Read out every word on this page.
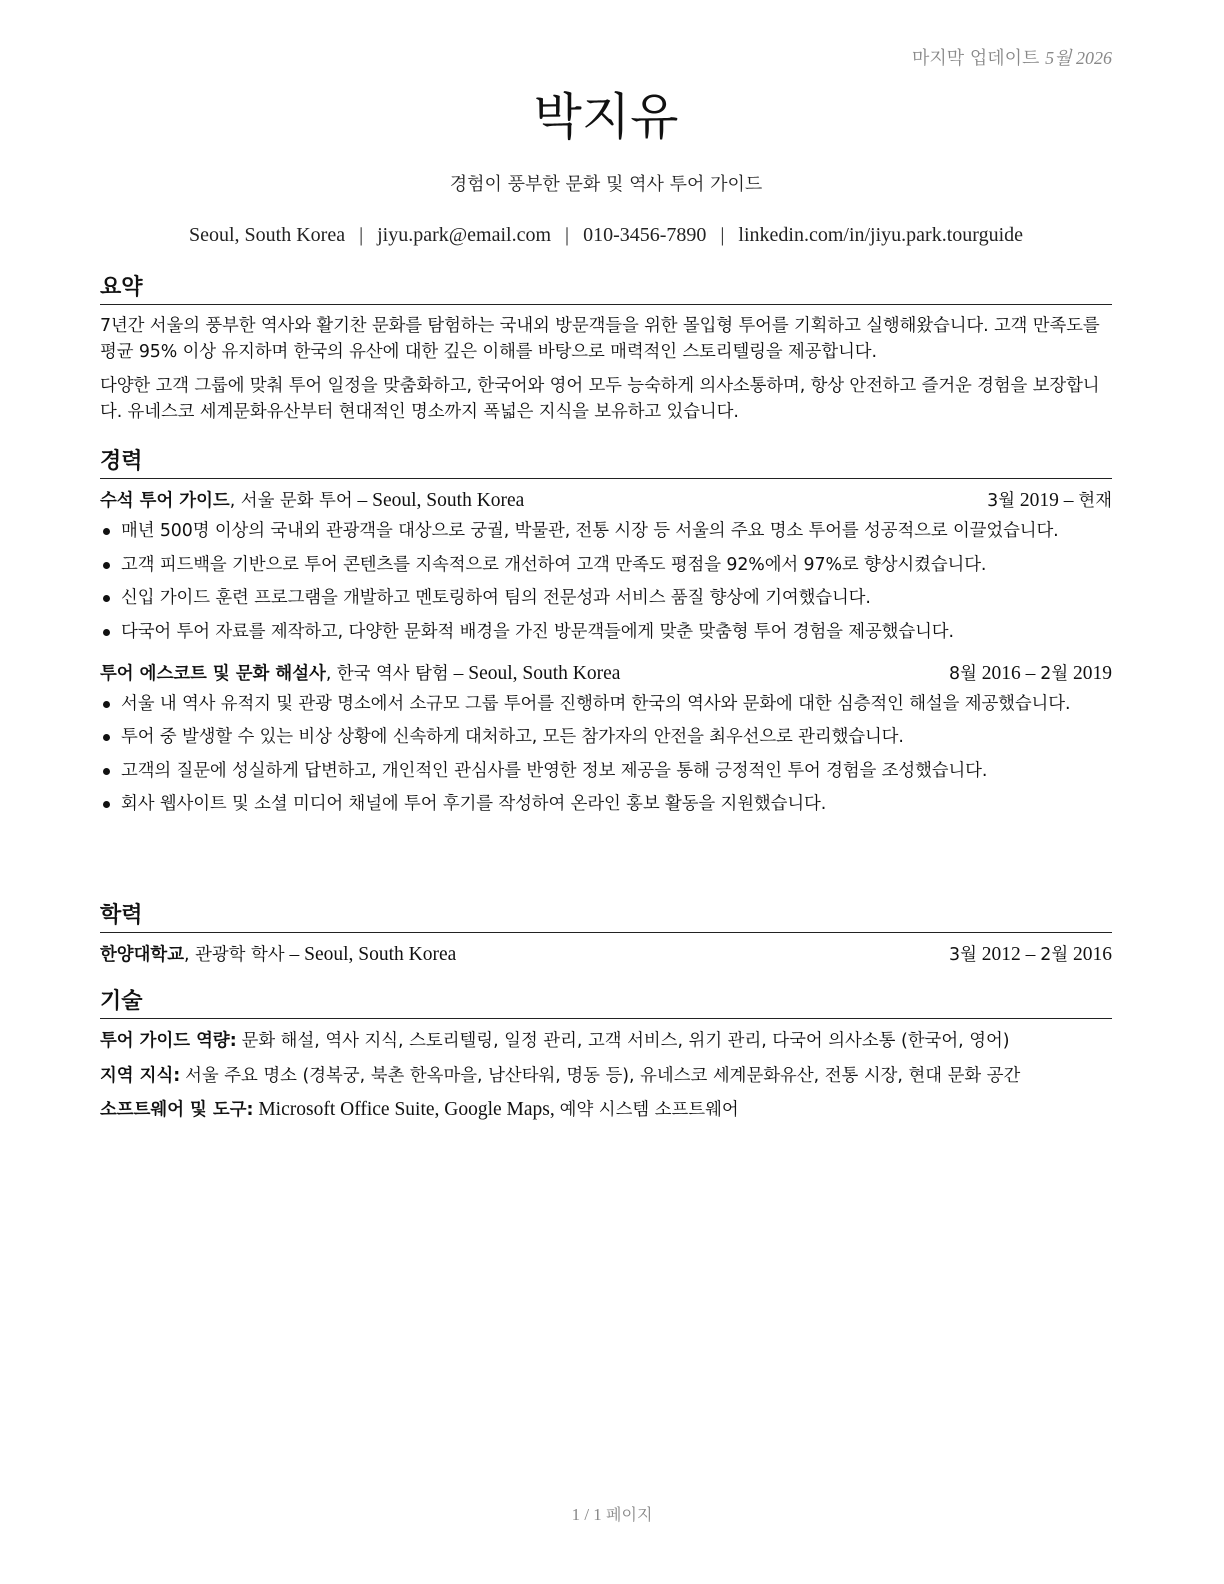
마지막 업데이트 5월 2026
박지유
경험이 풍부한 문화 및 역사 투어 가이드
Seoul, South Korea | jiyu.park@email.com | 010-3456-7890 | linkedin.com/in/jiyu.park.tourguide
요약
7년간 서울의 풍부한 역사와 활기찬 문화를 탐험하는 국내외 방문객들을 위한 몰입형 투어를 기획하고 실행해왔습니다. 고객 만족도를 평균 95% 이상 유지하며 한국의 유산에 대한 깊은 이해를 바탕으로 매력적인 스토리텔링을 제공합니다.
다양한 고객 그룹에 맞춰 투어 일정을 맞춤화하고, 한국어와 영어 모두 능숙하게 의사소통하며, 항상 안전하고 즐거운 경험을 보장합니다. 유네스코 세계문화유산부터 현대적인 명소까지 폭넓은 지식을 보유하고 있습니다.
경력
수석 투어 가이드, 서울 문화 투어 – Seoul, South Korea	3월 2019 – 현재
매년 500명 이상의 국내외 관광객을 대상으로 궁궐, 박물관, 전통 시장 등 서울의 주요 명소 투어를 성공적으로 이끌었습니다.
고객 피드백을 기반으로 투어 콘텐츠를 지속적으로 개선하여 고객 만족도 평점을 92%에서 97%로 향상시켰습니다.
신입 가이드 훈련 프로그램을 개발하고 멘토링하여 팀의 전문성과 서비스 품질 향상에 기여했습니다.
다국어 투어 자료를 제작하고, 다양한 문화적 배경을 가진 방문객들에게 맞춘 맞춤형 투어 경험을 제공했습니다.
투어 에스코트 및 문화 해설사, 한국 역사 탐험 – Seoul, South Korea	8월 2016 – 2월 2019
서울 내 역사 유적지 및 관광 명소에서 소규모 그룹 투어를 진행하며 한국의 역사와 문화에 대한 심층적인 해설을 제공했습니다.
투어 중 발생할 수 있는 비상 상황에 신속하게 대처하고, 모든 참가자의 안전을 최우선으로 관리했습니다.
고객의 질문에 성실하게 답변하고, 개인적인 관심사를 반영한 정보 제공을 통해 긍정적인 투어 경험을 조성했습니다.
회사 웹사이트 및 소셜 미디어 채널에 투어 후기를 작성하여 온라인 홍보 활동을 지원했습니다.
학력
한양대학교, 관광학 학사 – Seoul, South Korea	3월 2012 – 2월 2016
기술
투어 가이드 역량: 문화 해설, 역사 지식, 스토리텔링, 일정 관리, 고객 서비스, 위기 관리, 다국어 의사소통 (한국어, 영어)
지역 지식: 서울 주요 명소 (경복궁, 북촌 한옥마을, 남산타워, 명동 등), 유네스코 세계문화유산, 전통 시장, 현대 문화 공간
소프트웨어 및 도구: Microsoft Office Suite, Google Maps, 예약 시스템 소프트웨어
1 / 1 페이지
